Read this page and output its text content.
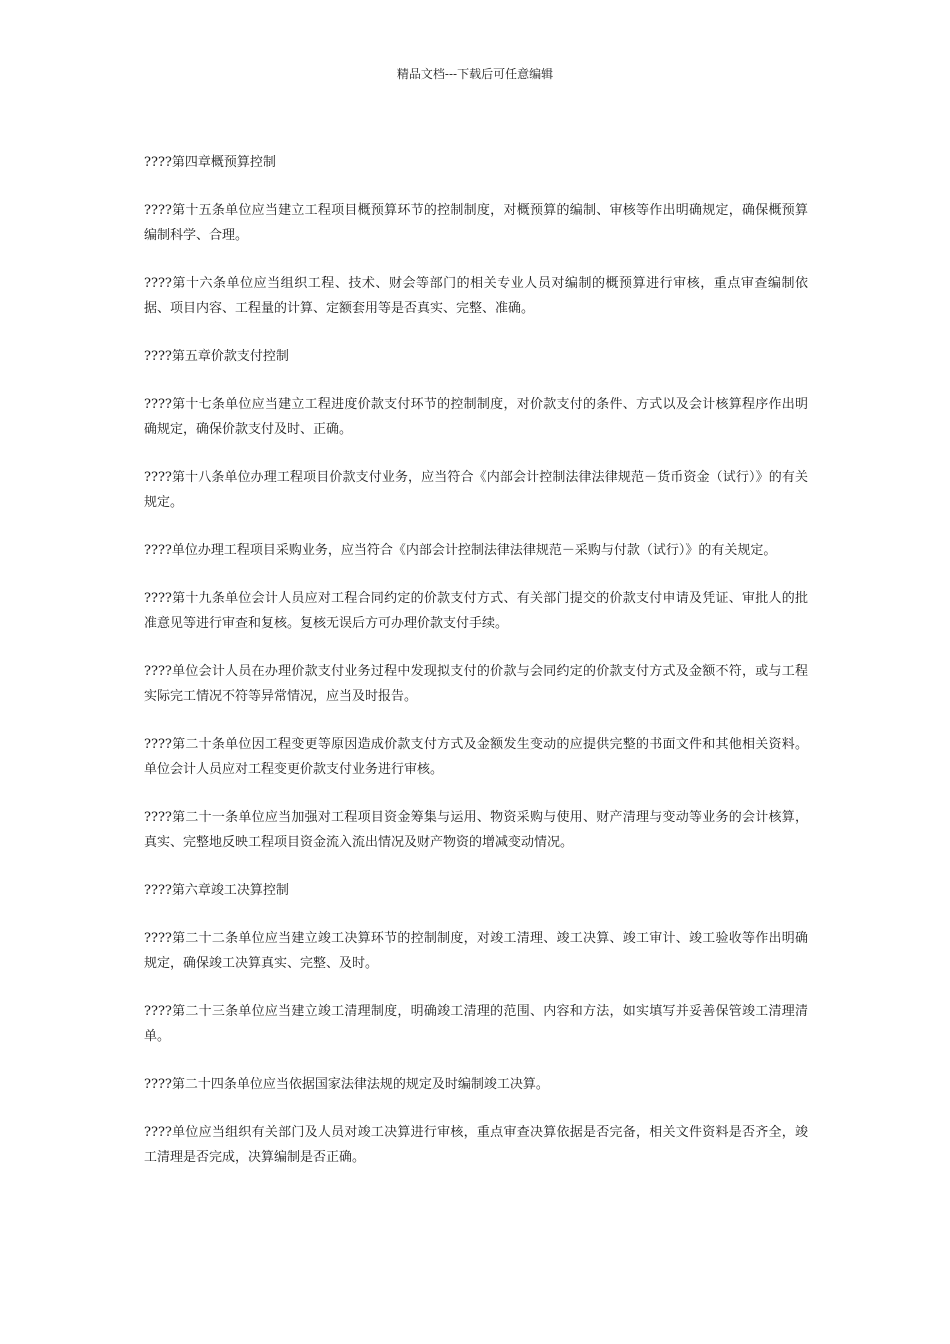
精品文档---下载后可任意编辑

????第四章概预算控制

????第十五条单位应当建立工程项目概预算环节的控制制度，对概预算的编制、审核等作出明确规定，确保概预算编制科学、合理。

????第十六条单位应当组织工程、技术、财会等部门的相关专业人员对编制的概预算进行审核，重点审查编制依据、项目内容、工程量的计算、定额套用等是否真实、完整、准确。

????第五章价款支付控制

????第十七条单位应当建立工程进度价款支付环节的控制制度，对价款支付的条件、方式以及会计核算程序作出明确规定，确保价款支付及时、正确。

????第十八条单位办理工程项目价款支付业务，应当符合《内部会计控制法律法律规范－货币资金（试行）》的有关规定。

????单位办理工程项目采购业务，应当符合《内部会计控制法律法律规范－采购与付款（试行）》的有关规定。

????第十九条单位会计人员应对工程合同约定的价款支付方式、有关部门提交的价款支付申请及凭证、审批人的批准意见等进行审查和复核。复核无误后方可办理价款支付手续。

????单位会计人员在办理价款支付业务过程中发现拟支付的价款与会同约定的价款支付方式及金额不符，或与工程实际完工情况不符等异常情况，应当及时报告。

????第二十条单位因工程变更等原因造成价款支付方式及金额发生变动的应提供完整的书面文件和其他相关资料。单位会计人员应对工程变更价款支付业务进行审核。

????第二十一条单位应当加强对工程项目资金筹集与运用、物资采购与使用、财产清理与变动等业务的会计核算，真实、完整地反映工程项目资金流入流出情况及财产物资的增减变动情况。

????第六章竣工决算控制

????第二十二条单位应当建立竣工决算环节的控制制度，对竣工清理、竣工决算、竣工审计、竣工验收等作出明确规定，确保竣工决算真实、完整、及时。

????第二十三条单位应当建立竣工清理制度，明确竣工清理的范围、内容和方法，如实填写并妥善保管竣工清理清单。

????第二十四条单位应当依据国家法律法规的规定及时编制竣工决算。

????单位应当组织有关部门及人员对竣工决算进行审核，重点审查决算依据是否完备，相关文件资料是否齐全，竣工清理是否完成，决算编制是否正确。
